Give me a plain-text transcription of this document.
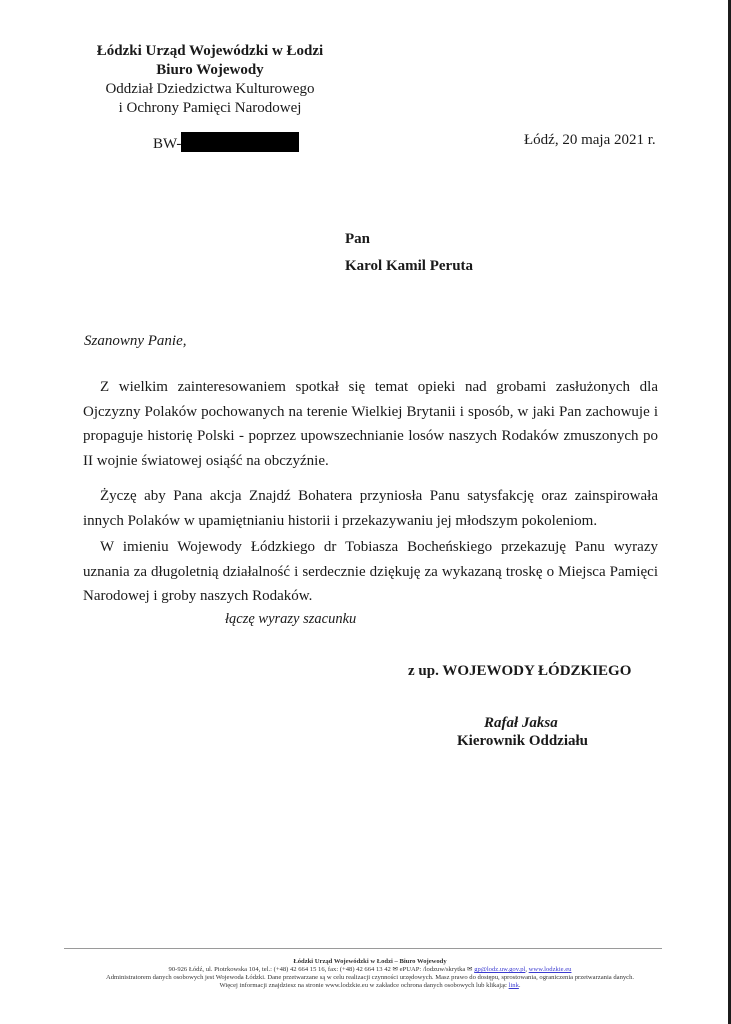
Łódzki Urząd Wojewódzki w Łodzi
Biuro Wojewody
Oddział Dziedzictwa Kulturowego
i Ochrony Pamięci Narodowej
BW-	Łódź, 20 maja 2021 r.
Pan
Karol Kamil Peruta
Szanowny Panie,
Z wielkim zainteresowaniem spotkał się temat opieki nad grobami zasłużonych dla Ojczyzny Polaków pochowanych na terenie Wielkiej Brytanii i sposób, w jaki Pan zachowuje i propaguje historię Polski - poprzez upowszechnianie losów naszych Rodaków zmuszonych po II wojnie światowej osiąść na obczyźnie.
Życzę aby Pana akcja Znajdź Bohatera przyniosła Panu satysfakcję oraz zainspirowała innych Polaków w upamiętnianiu historii i przekazywaniu jej młodszym pokoleniom.
W imieniu Wojewody Łódzkiego dr Tobiasza Bocheńskiego przekazuję Panu wyrazy uznania za długoletnią działalność i serdecznie dziękuję za wykazaną troskę o Miejsca Pamięci Narodowej i groby naszych Rodaków.
łączę wyrazy szacunku
z up. WOJEWODY ŁÓDZKIEGO
Rafał Jaksa
Kierownik Oddziału
Łódzki Urząd Wojewódzki w Łodzi – Biuro Wojewody
90-926 Łódź, ul. Piotrkowska 104, tel.: (+48) 42 664 15 16, fax: (+48) 42 664 13 42 ✉ ePUAP: /lodzuw/skrytka ✉ gp@lodz.uw.gov.pl, www.lodzkie.eu
Administratorem danych osobowych jest Wojewoda Łódzki. Dane przetwarzane są w celu realizacji czynności urzędowych. Masz prawo do dostępu, sprostowania, ograniczenia przetwarzania danych.
Więcej informacji znajdziesz na stronie www.lodzkie.eu w zakładce ochrona danych osobowych lub klikając link.
